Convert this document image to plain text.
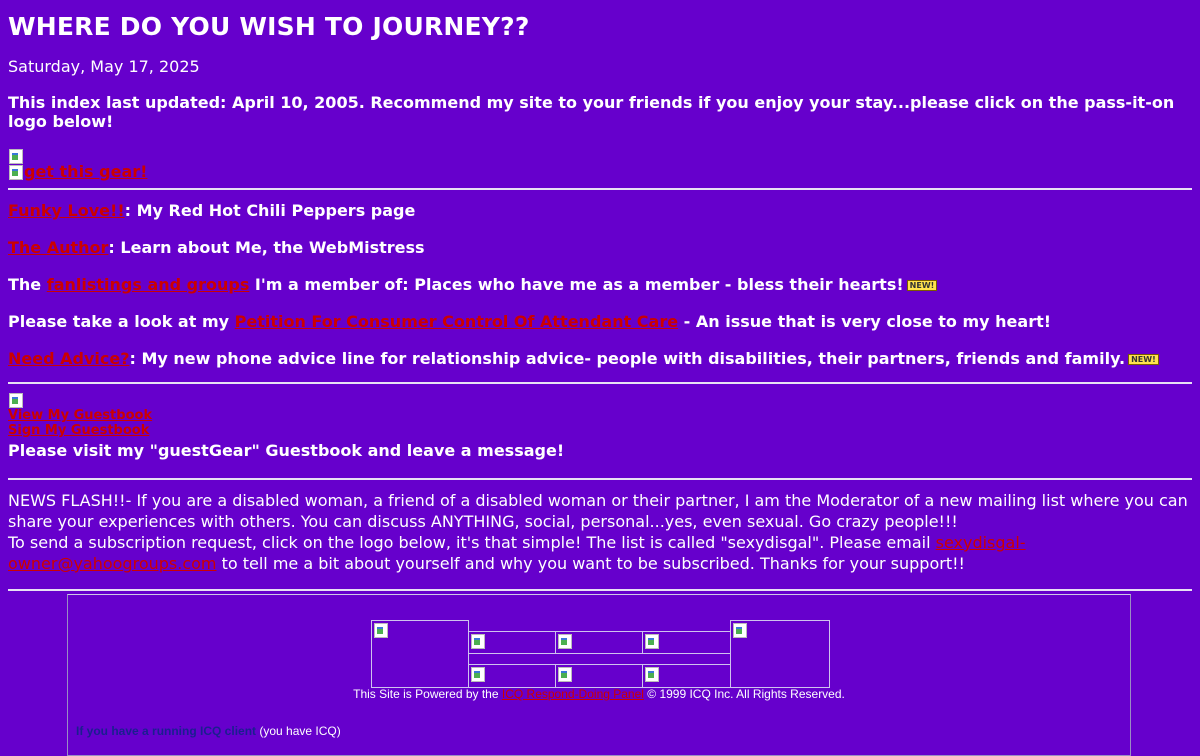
WHERE DO YOU WISH TO JOURNEY??

Saturday, May 17, 2025

This index last updated: April 10, 2005. Recommend my site to your friends if you enjoy your stay...please click on the pass-it-on logo below!

get this gear!

Funky Love!!: My Red Hot Chili Peppers page

The Author: Learn about Me, the WebMistress

The fanlistings and groups I'm a member of: Places who have me as a member - bless their hearts! NEW!

Please take a look at my Petition For Consumer Control Of Attendant Care - An issue that is very close to my heart!

Need Advice?: My new phone advice line for relationship advice- people with disabilities, their partners, friends and family. NEW!

View My Guestbook
Sign My Guestbook
Please visit my "guestGear" Guestbook and leave a message!

NEWS FLASH!!- If you are a disabled woman, a friend of a disabled woman or their partner, I am the Moderator of a new mailing list where you can share your experiences with others. You can discuss ANYTHING, social, personal...yes, even sexual. Go crazy people!!!

To send a subscription request, click on the logo below, it's that simple! The list is called "sexydisgal". Please email sexydisgal-owner@yahoogroups.com to tell me a bit about yourself and why you want to be subscribed. Thanks for your support!!

This Site is Powered by the ICQ Respond-Doing Panel © 1999 ICQ Inc. All Rights Reserved.
If you have a running ICQ client (you have ICQ)
